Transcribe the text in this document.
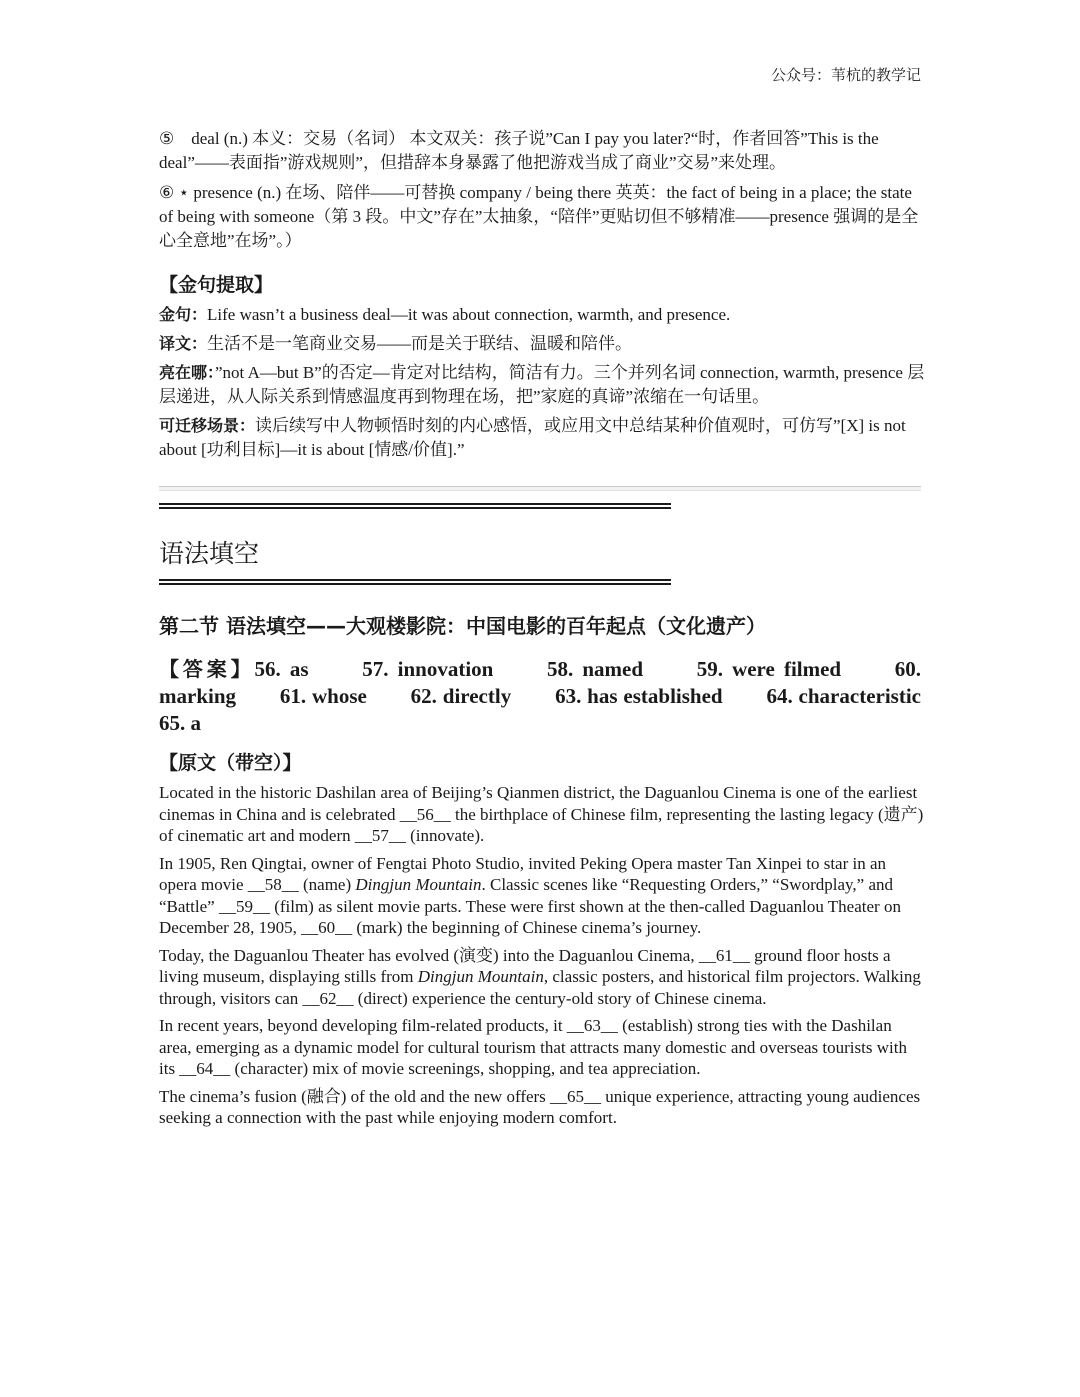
公众号：苇杭的教学记

⑤　deal (n.) 本义：交易（名词） 本文双关：孩子说”Can I pay you later?“时，作者回答”This is the deal”——表面指”游戏规则”，但措辞本身暴露了他把游戏当成了商业”交易”来处理。

⑥ ⋆ presence (n.) 在场、陪伴——可替换 company / being there 英英：the fact of being in a place; the state of being with someone（第 3 段。中文”存在”太抽象，“陪伴”更贴切但不够精准——presence 强调的是全心全意地”在场”。）

【金句提取】

金句：Life wasn’t a business deal—it was about connection, warmth, and presence.

译文：生活不是一笔商业交易——而是关于联结、温暖和陪伴。

亮在哪：”not A—but B”的否定—肯定对比结构，简洁有力。三个并列名词 connection, warmth, presence 层层递进，从人际关系到情感温度再到物理在场，把”家庭的真谛”浓缩在一句话里。

可迁移场景：读后续写中人物顿悟时刻的内心感悟，或应用文中总结某种价值观时，可仿写”[X] is not about [功利目标]—it is about [情感/价值].”

语法填空
第二节 语法填空——大观楼影院：中国电影的百年起点（文化遗产）
【答案】56. as　　57. innovation　　58. named　　59. were filmed　　60. marking　　61. whose　　62. directly　　63. has established　　64. characteristic 65. a
【原文（带空）】

Located in the historic Dashilan area of Beijing’s Qianmen district, the Daguanlou Cinema is one of the earliest cinemas in China and is celebrated __56__ the birthplace of Chinese film, representing the lasting legacy (遗产) of cinematic art and modern __57__ (innovate).

In 1905, Ren Qingtai, owner of Fengtai Photo Studio, invited Peking Opera master Tan Xinpei to star in an opera movie __58__ (name) Dingjun Mountain. Classic scenes like “Requesting Orders,” “Swordplay,” and “Battle” __59__ (film) as silent movie parts. These were first shown at the then-called Daguanlou Theater on December 28, 1905, __60__ (mark) the beginning of Chinese cinema’s journey.

Today, the Daguanlou Theater has evolved (演变) into the Daguanlou Cinema, __61__ ground floor hosts a living museum, displaying stills from Dingjun Mountain, classic posters, and historical film projectors. Walking through, visitors can __62__ (direct) experience the century-old story of Chinese cinema.

In recent years, beyond developing film-related products, it __63__ (establish) strong ties with the Dashilan area, emerging as a dynamic model for cultural tourism that attracts many domestic and overseas tourists with its __64__ (character) mix of movie screenings, shopping, and tea appreciation.

The cinema’s fusion (融合) of the old and the new offers __65__ unique experience, attracting young audiences seeking a connection with the past while enjoying modern comfort.
